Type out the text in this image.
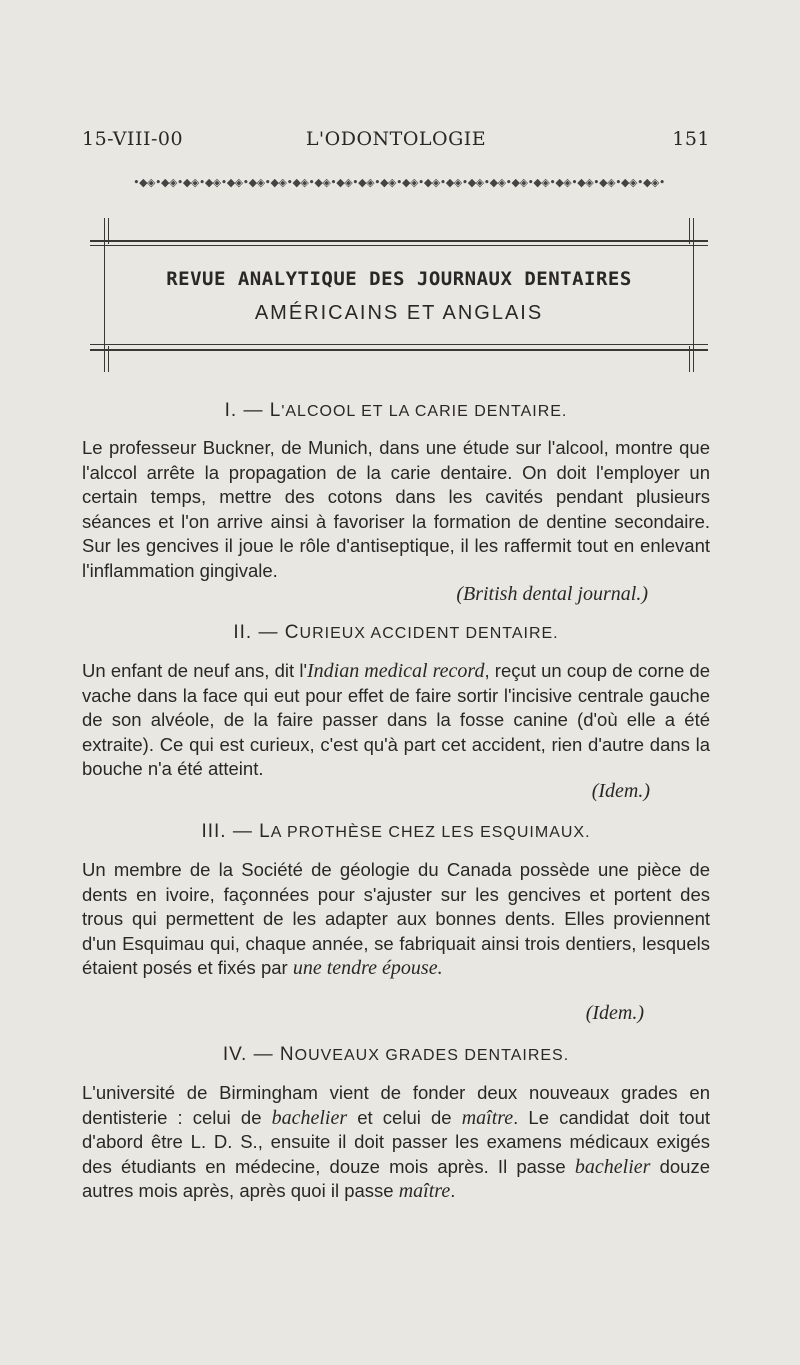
15-VIII-00	L'ODONTOLOGIE	151
•◆◈•◆◈•◆◈•◆◈•◆◈•◆◈•◆◈•◆◈•◆◈•◆◈•◆◈•◆◈•◆◈•◆◈•◆◈•◆◈•◆◈•◆◈•◆◈•◆◈•◆◈•◆◈•◆◈•◆◈•
REVUE ANALYTIQUE DES JOURNAUX DENTAIRES
AMÉRICAINS ET ANGLAIS
I. — L'ALCOOL ET LA CARIE DENTAIRE.

Le professeur Buckner, de Munich, dans une étude sur l'alcool, montre que l'alccol arrête la propagation de la carie dentaire. On doit l'employer un certain temps, mettre des cotons dans les cavités pendant plusieurs séances et l'on arrive ainsi à favoriser la formation de dentine secondaire. Sur les gencives il joue le rôle d'antiseptique, il les raffermit tout en enlevant l'inflammation gingivale.

(British dental journal.)
II. — CURIEUX ACCIDENT DENTAIRE.

Un enfant de neuf ans, dit l'Indian medical record, reçut un coup de corne de vache dans la face qui eut pour effet de faire sortir l'incisive centrale gauche de son alvéole, de la faire passer dans la fosse canine (d'où elle a été extraite). Ce qui est curieux, c'est qu'à part cet accident, rien d'autre dans la bouche n'a été atteint.

(Idem.)
III. — LA PROTHÈSE CHEZ LES ESQUIMAUX.

Un membre de la Société de géologie du Canada possède une pièce de dents en ivoire, façonnées pour s'ajuster sur les gencives et portent des trous qui permettent de les adapter aux bonnes dents. Elles proviennent d'un Esquimau qui, chaque année, se fabriquait ainsi trois dentiers, lesquels étaient posés et fixés par une tendre épouse.

(Idem.)
IV. — NOUVEAUX GRADES DENTAIRES.

L'université de Birmingham vient de fonder deux nouveaux grades en dentisterie : celui de bachelier et celui de maître. Le candidat doit tout d'abord être L. D. S., ensuite il doit passer les examens médicaux exigés des étudiants en médecine, douze mois après. Il passe bachelier douze autres mois après, après quoi il passe maître.
